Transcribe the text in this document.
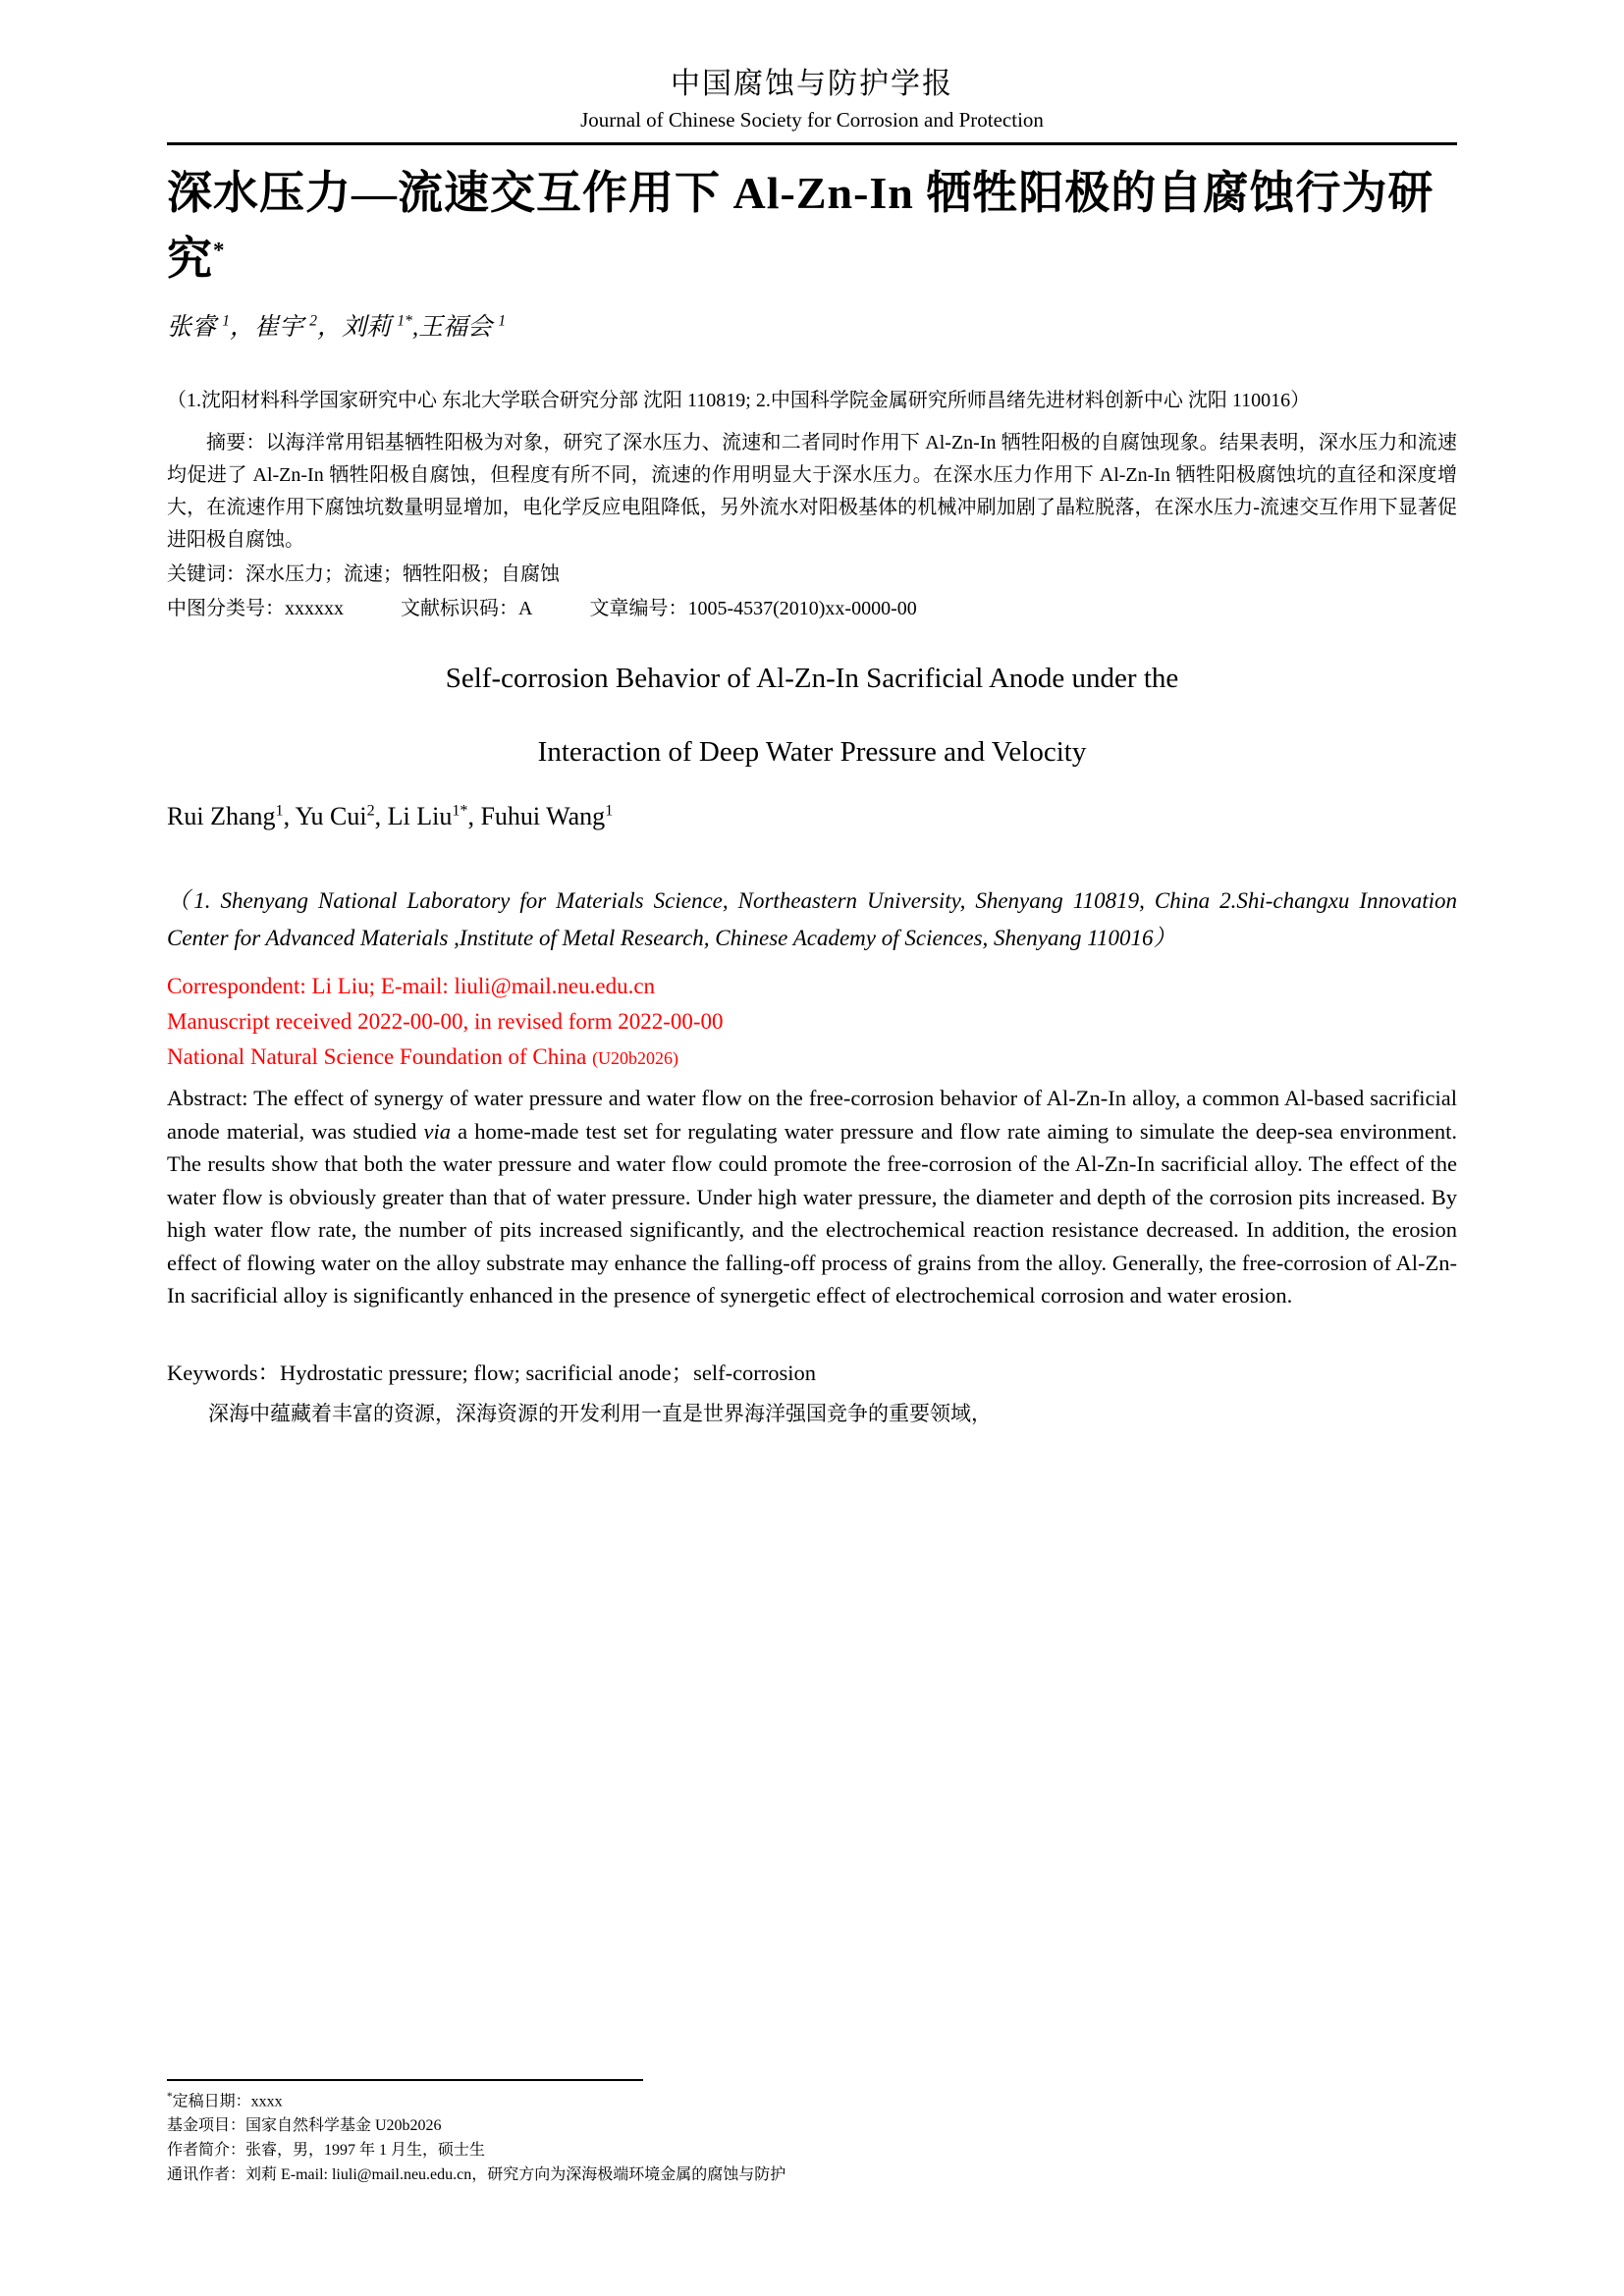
中国腐蚀与防护学报
Journal of Chinese Society for Corrosion and Protection
深水压力—流速交互作用下 Al-Zn-In 牺牲阳极的自腐蚀行为研究*
张睿 $^1$，崔宇 $^2$，刘莉 $^{1*}$,王福会 $^1$
（1.沈阳材料科学国家研究中心 东北大学联合研究分部 沈阳 110819; 2.中国科学院金属研究所师昌绪先进材料创新中心 沈阳 110016）

摘要：以海洋常用铝基牺牲阳极为对象，研究了深水压力、流速和二者同时作用下 Al-Zn-In 牺牲阳极的自腐蚀现象。结果表明，深水压力和流速均促进了 Al-Zn-In 牺牲阳极自腐蚀，但程度有所不同，流速的作用明显大于深水压力。在深水压力作用下 Al-Zn-In 牺牲阳极腐蚀坑的直径和深度增大，在流速作用下腐蚀坑数量明显增加，电化学反应电阻降低，另外流水对阳极基体的机械冲刷加剧了晶粒脱落，在深水压力-流速交互作用下显著促进阳极自腐蚀。

关键词：深水压力；流速；牺牲阳极；自腐蚀

中图分类号：xxxxxx	文献标识码：A	文章编号：1005-4537(2010)xx-0000-00

Self-corrosion Behavior of Al-Zn-In Sacrificial Anode under the
Interaction of Deep Water Pressure and Velocity
Rui Zhang$^1$, Yu Cui$^2$, Li Liu$^{1*}$, Fuhui Wang$^1$
（1. Shenyang National Laboratory for Materials Science, Northeastern University, Shenyang 110819, China 2.Shi-changxu Innovation Center for Advanced Materials ,Institute of Metal Research, Chinese Academy of Sciences, Shenyang 110016）

Correspondent: Li Liu; E-mail: liuli@mail.neu.edu.cn

Manuscript received 2022-00-00, in revised form 2022-00-00

National Natural Science Foundation of China (U20b2026)

Abstract: The effect of synergy of water pressure and water flow on the free-corrosion behavior of Al-Zn-In alloy, a common Al-based sacrificial anode material, was studied via a home-made test set for regulating water pressure and flow rate aiming to simulate the deep-sea environment. The results show that both the water pressure and water flow could promote the free-corrosion of the Al-Zn-In sacrificial alloy. The effect of the water flow is obviously greater than that of water pressure. Under high water pressure, the diameter and depth of the corrosion pits increased. By high water flow rate, the number of pits increased significantly, and the electrochemical reaction resistance decreased. In addition, the erosion effect of flowing water on the alloy substrate may enhance the falling-off process of grains from the alloy. Generally, the free-corrosion of Al-Zn-In sacrificial alloy is significantly enhanced in the presence of synergetic effect of electrochemical corrosion and water erosion.

Keywords：Hydrostatic pressure; flow; sacrificial anode；self-corrosion

深海中蕴藏着丰富的资源，深海资源的开发利用一直是世界海洋强国竞争的重要领域，

*定稿日期：xxxx

基金项目：国家自然科学基金 U20b2026

作者简介：张睿，男，1997 年 1 月生，硕士生

通讯作者：刘莉 E-mail: liuli@mail.neu.edu.cn，研究方向为深海极端环境金属的腐蚀与防护
